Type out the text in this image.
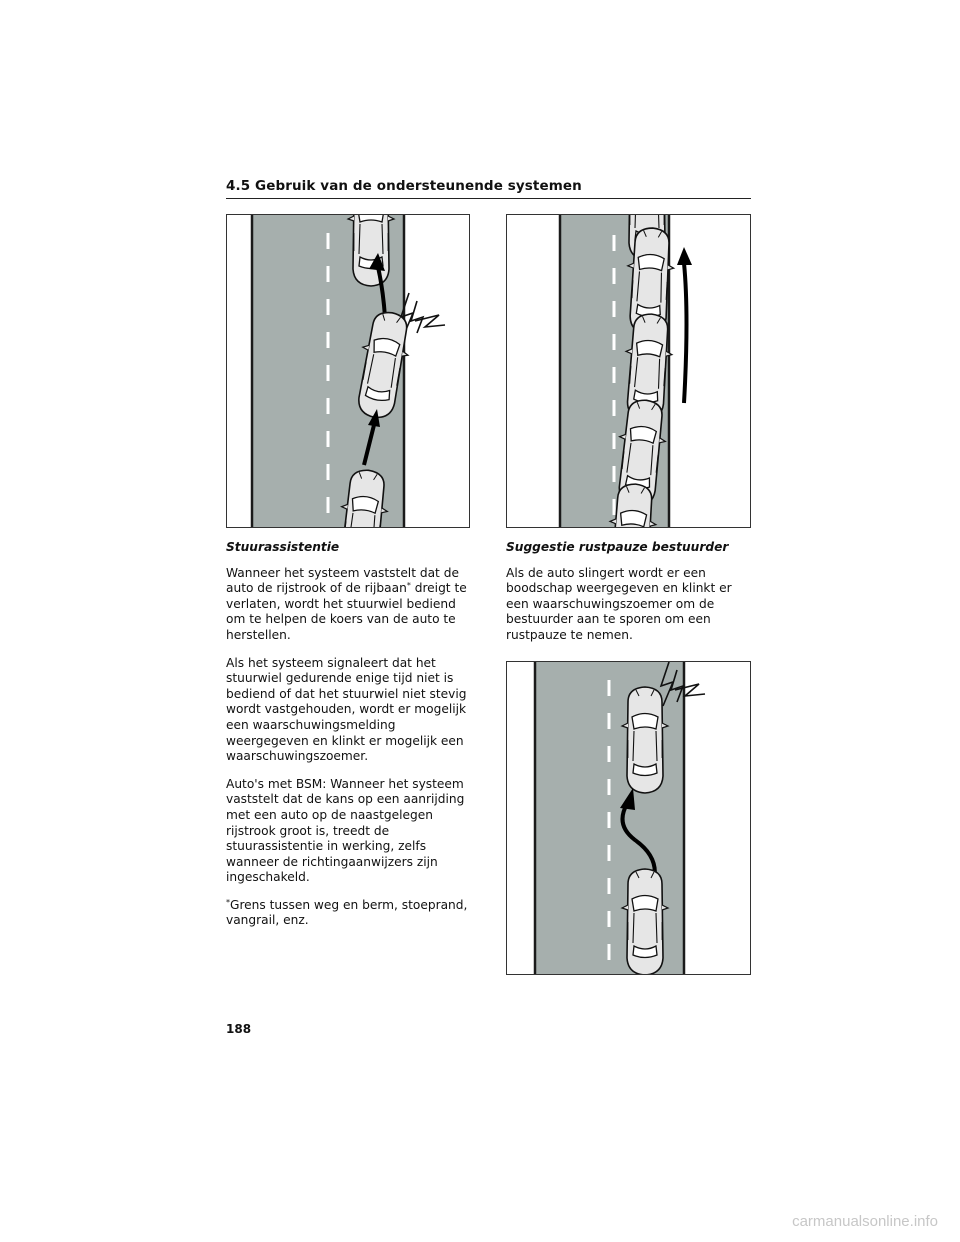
4.5 Gebruik van de ondersteunende systemen

Stuurassistentie

Wanneer het systeem vaststelt dat de auto de rijstrook of de rijbaan* dreigt te verlaten, wordt het stuurwiel bediend om te helpen de koers van de auto te herstellen.

Als het systeem signaleert dat het stuurwiel gedurende enige tijd niet is bediend of dat het stuurwiel niet stevig wordt vastgehouden, wordt er mogelijk een waarschuwingsmelding weergegeven en klinkt er mogelijk een waarschuwingszoemer.

Auto's met BSM: Wanneer het systeem vaststelt dat de kans op een aanrijding met een auto op de naastgelegen rijstrook groot is, treedt de stuurassistentie in werking, zelfs wanneer de richtingaanwijzers zijn ingeschakeld.

*Grens tussen weg en berm, stoeprand, vangrail, enz.

Suggestie rustpauze bestuurder

Als de auto slingert wordt er een boodschap weergegeven en klinkt er een waarschuwingszoemer om de bestuurder aan te sporen om een rustpauze te nemen.

188
carmanualsonline.info
